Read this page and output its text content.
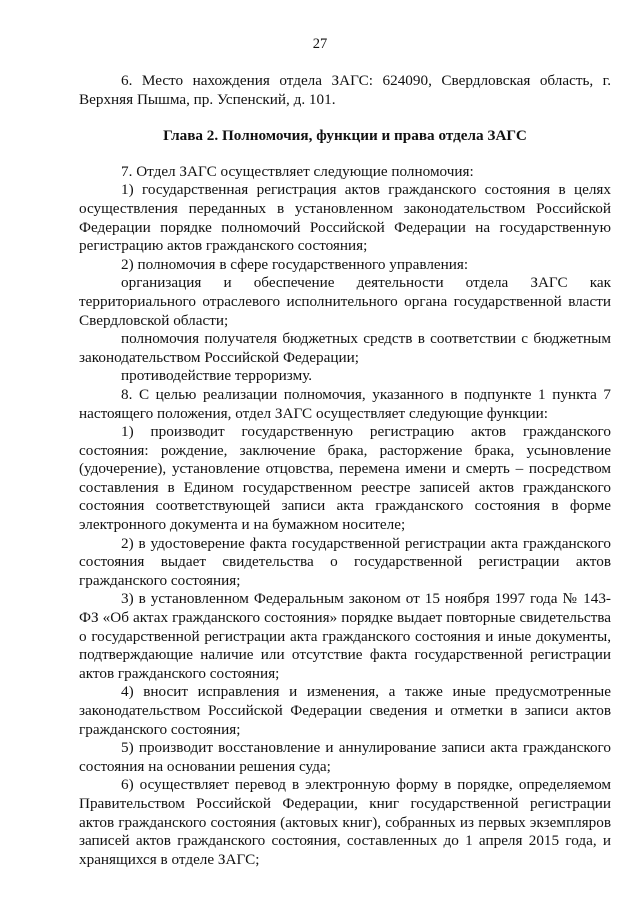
27

6. Место нахождения отдела ЗАГС: 624090, Свердловская область, г. Верхняя Пышма, пр. Успенский, д. 101.

Глава 2. Полномочия, функции и права отдела ЗАГС

7. Отдел ЗАГС осуществляет следующие полномочия:

1) государственная регистрация актов гражданского состояния в целях осуществления переданных в установленном законодательством Российской Федерации порядке полномочий Российской Федерации на государственную регистрацию актов гражданского состояния;

2) полномочия в сфере государственного управления:

организация и обеспечение деятельности отдела ЗАГС как территориального отраслевого исполнительного органа государственной власти Свердловской области;

полномочия получателя бюджетных средств в соответствии с бюджетным законодательством Российской Федерации;

противодействие терроризму.

8. С целью реализации полномочия, указанного в подпункте 1 пункта 7 настоящего положения, отдел ЗАГС осуществляет следующие функции:

1) производит государственную регистрацию актов гражданского состояния: рождение, заключение брака, расторжение брака, усыновление (удочерение), установление отцовства, перемена имени и смерть – посредством составления в Едином государственном реестре записей актов гражданского состояния соответствующей записи акта гражданского состояния в форме электронного документа и на бумажном носителе;

2) в удостоверение факта государственной регистрации акта гражданского состояния выдает свидетельства о государственной регистрации актов гражданского состояния;

3) в установленном Федеральным законом от 15 ноября 1997 года № 143-ФЗ «Об актах гражданского состояния» порядке выдает повторные свидетельства о государственной регистрации акта гражданского состояния и иные документы, подтверждающие наличие или отсутствие факта государственной регистрации актов гражданского состояния;

4) вносит исправления и изменения, а также иные предусмотренные законодательством Российской Федерации сведения и отметки в записи актов гражданского состояния;

5) производит восстановление и аннулирование записи акта гражданского состояния на основании решения суда;

6) осуществляет перевод в электронную форму в порядке, определяемом Правительством Российской Федерации, книг государственной регистрации актов гражданского состояния (актовых книг), собранных из первых экземпляров записей актов гражданского состояния, составленных до 1 апреля 2015 года, и хранящихся в отделе ЗАГС;
